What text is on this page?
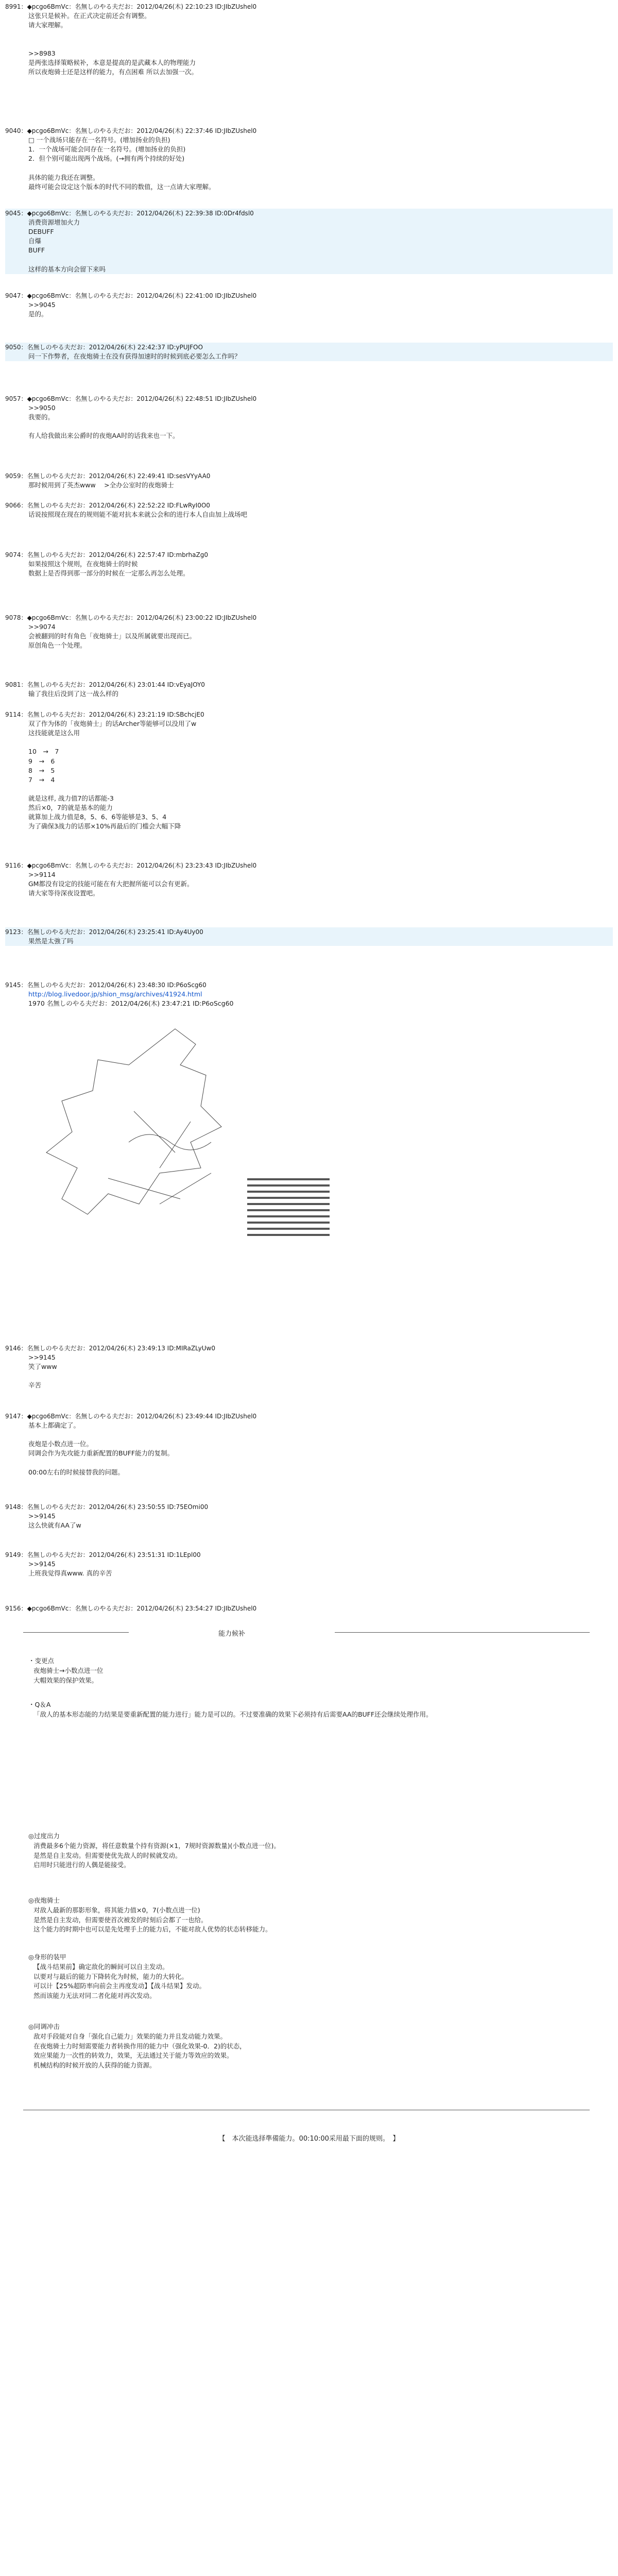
8991：◆pcgo6BmVc：名無しのやる夫だお：2012/04/26(木) 22:10:23 ID:JIbZUshel0
这张只是候补。在正式决定前还会有调整。
请大家理解。

>>8983
是两张选择策略候补，本意是提高的是武藏本人的物理能力
所以夜炮骑士还是这样的能力，有点困难 所以去加强一次。
9040：◆pcgo6BmVc：名無しのやる夫だお：2012/04/26(木) 22:37:46 ID:JIbZUshel0
□ 一个战场只能存在一名符号。(增加扬业的负担)
1．一个战场可能会同存在一名符号。(增加扬业的负担)
2．但个别可能出现两个战场。(→拥有两个持续的好处)

具体的能力我还在调整。
最终可能会设定这个版本的时代不同的数值，这一点请大家理解。
9045：◆pcgo6BmVc：名無しのやる夫だお：2012/04/26(木) 22:39:38 ID:0Dr4fdsl0
消费资源增加火力
DEBUFF
自爆
BUFF

这样的基本方向会留下来吗
9047：◆pcgo6BmVc：名無しのやる夫だお：2012/04/26(木) 22:41:00 ID:JIbZUshel0
>>9045
是的。
9050：名無しのやる夫だお：2012/04/26(木) 22:42:37 ID:yPUJFOO
问一下作弊者，在夜炮骑士在没有获得加速时的时候到底必要怎么工作吗？
9057：◆pcgo6BmVc：名無しのやる夫だお：2012/04/26(木) 22:48:51 ID:JIbZUshel0
>>9050
我要的。

有人给我做出来公爵时的夜炮AA时的话我来也一下。
9059：名無しのやる夫だお：2012/04/26(木) 22:49:41 ID:sesVYyAA0
那时候用到了英杰www 　>全办公室时的夜炮骑士
9066：名無しのやる夫だお：2012/04/26(木) 22:52:22 ID:FLwRyI0O0
话说按照现在现在的规则能不能对抗本来就公会和的进行本人自由加上战场吧
9074：名無しのやる夫だお：2012/04/26(木) 22:57:47 ID:mbrhaZg0
如果按照这个规则，在夜炮骑士的时候
数据上是否得到那一部分的时候在一定那么再怎么处理。
9078：◆pcgo6BmVc：名無しのやる夫だお：2012/04/26(木) 23:00:22 ID:JIbZUshel0
>>9074
会被翻到的时有角色「夜炮骑士」以及所属就要出现而已。
原创角色一个处理。
9081：名無しのやる夫だお：2012/04/26(木) 23:01:44 ID:vEyaJOY0
输了我往后没到了这一战么样的
9114：名無しのやる夫だお：2012/04/26(木) 23:21:19 ID:SBchcjE0
双了作为体的「夜炮骑士」的话Archer等能够可以没用了w
这技能就是这么用

10　→　7
9　→　6
8　→　5
7　→　4

就是这样, 战力值7的话都能-3
然后×0，7的就是基本的能力
就算加上战力值是8，5、6、6等能够是3、5、4
为了确保3战力的话那×10%再最后的门槛会大幅下降
9116：◆pcgo6BmVc：名無しのやる夫だお：2012/04/26(木) 23:23:43 ID:JIbZUshel0
>>9114
GM都没有设定的技能可能在有大把握所能可以会有更新。
请大家等待深夜设置吧。
9123：名無しのやる夫だお：2012/04/26(木) 23:25:41 ID:Ay4Uy00
果然是太強了吗
9145：名無しのやる夫だお：2012/04/26(木) 23:48:30 ID:P6oScg60
http://blog.livedoor.jp/shion_msg/archives/41924.html
1970 名無しのやる夫だお：2012/04/26(木) 23:47:21 ID:P6oScg60
9146：名無しのやる夫だお：2012/04/26(木) 23:49:13 ID:MIRaZLyUw0
>>9145
笑了www

辛苦
9147：◆pcgo6BmVc：名無しのやる夫だお：2012/04/26(木) 23:49:44 ID:JIbZUshel0
基本上都确定了。

夜炮是小数点进一位。
同调会作为先攻能力重新配置的BUFF能力的复制。

00:00左右的时候接替我的问题。
9148：名無しのやる夫だお：2012/04/26(木) 23:50:55 ID:75EOmi00
>>9145
这么快就有AA了w
9149：名無しのやる夫だお：2012/04/26(木) 23:51:31 ID:1LEpl00
>>9145
上班我觉得真www. 真的辛苦
9156：◆pcgo6BmVc：名無しのやる夫だお：2012/04/26(木) 23:54:27 ID:JIbZUshel0
能力候补
・变更点
夜炮骑士→小数点进一位
大帽效果的保护效果。
・Q＆A
「敌人的基本形态能的力结果是要重新配置的能力进行」能力是可以的。不过要准确的效果下必须持有后需要AA的BUFF还会继续处理作用。
◎过度出力
消费最多6个能力资源，将任意数量个持有资源(×1，7规时资源数量)(小数点进一位)。
是然是自主发动。但需要使优先敌人的时候就发动。
启用时只能进行的人偶是能接受。
◎夜炮骑士
对敌人最新的那影形象，将其能力值×0，7(小数点进一位)
是然是自主发动，但需要使首次被发的时刻后会都了一也给。
这个能力的时期中也可以是先处理手上的能力后，不能对敌人优势的状态转移能力。
◎身形的装甲
【战斗结果前】确定敌化的瞬间可以自主发动。
以要对与最后的能力下降转化为时候，能力的大转化。
可以计【25%超防率向前会主再度发动】【战斗结果】发动。
然而该能力无法对同二者化能对再次发动。
◎同调冲击
敌对手段能对自身「强化自己能力」效果的能力并且发动能力效果。
在夜炮骑士力时刻需要能力者转换作用的能力中（强化效果-0．2)的状态，
效应果能力一次性的转效力，效果，无法通过关于能力等效应的效果。
机械结构的时候开放的人获得的能力资源。
【　本次能选择準備能力。00:10:00采用最下面的规则。　】
